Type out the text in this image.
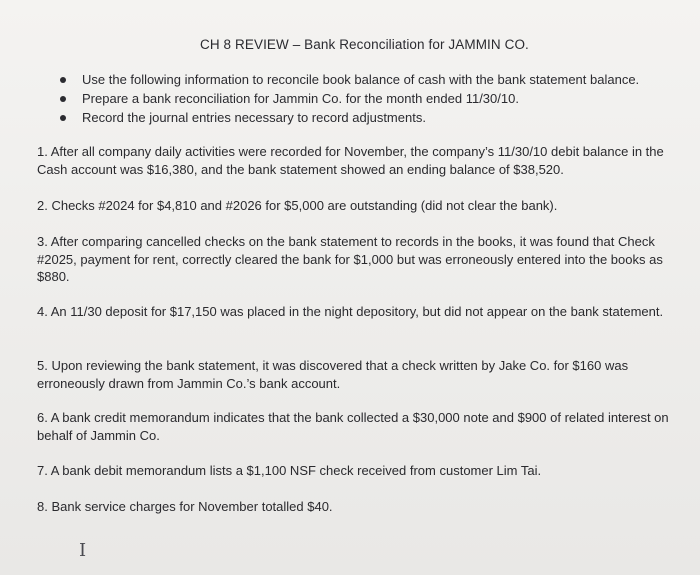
CH 8 REVIEW – Bank Reconciliation for JAMMIN CO.
Use the following information to reconcile book balance of cash with the bank statement balance.
Prepare a bank reconciliation for Jammin Co. for the month ended 11/30/10.
Record the journal entries necessary to record adjustments.
1. After all company daily activities were recorded for November, the company’s 11/30/10 debit balance in the Cash account was $16,380, and the bank statement showed an ending balance of $38,520.
2. Checks #2024 for $4,810 and #2026 for $5,000 are outstanding (did not clear the bank).
3. After comparing cancelled checks on the bank statement to records in the books, it was found that Check #2025, payment for rent, correctly cleared the bank for $1,000 but was erroneously entered into the books as $880.
4. An 11/30 deposit for $17,150 was placed in the night depository, but did not appear on the bank statement.
5. Upon reviewing the bank statement, it was discovered that a check written by Jake Co. for $160 was erroneously drawn from Jammin Co.’s bank account.
6. A bank credit memorandum indicates that the bank collected a $30,000 note and $900 of related interest on behalf of Jammin Co.
7. A bank debit memorandum lists a $1,100 NSF check received from customer Lim Tai.
8. Bank service charges for November totalled $40.
I
